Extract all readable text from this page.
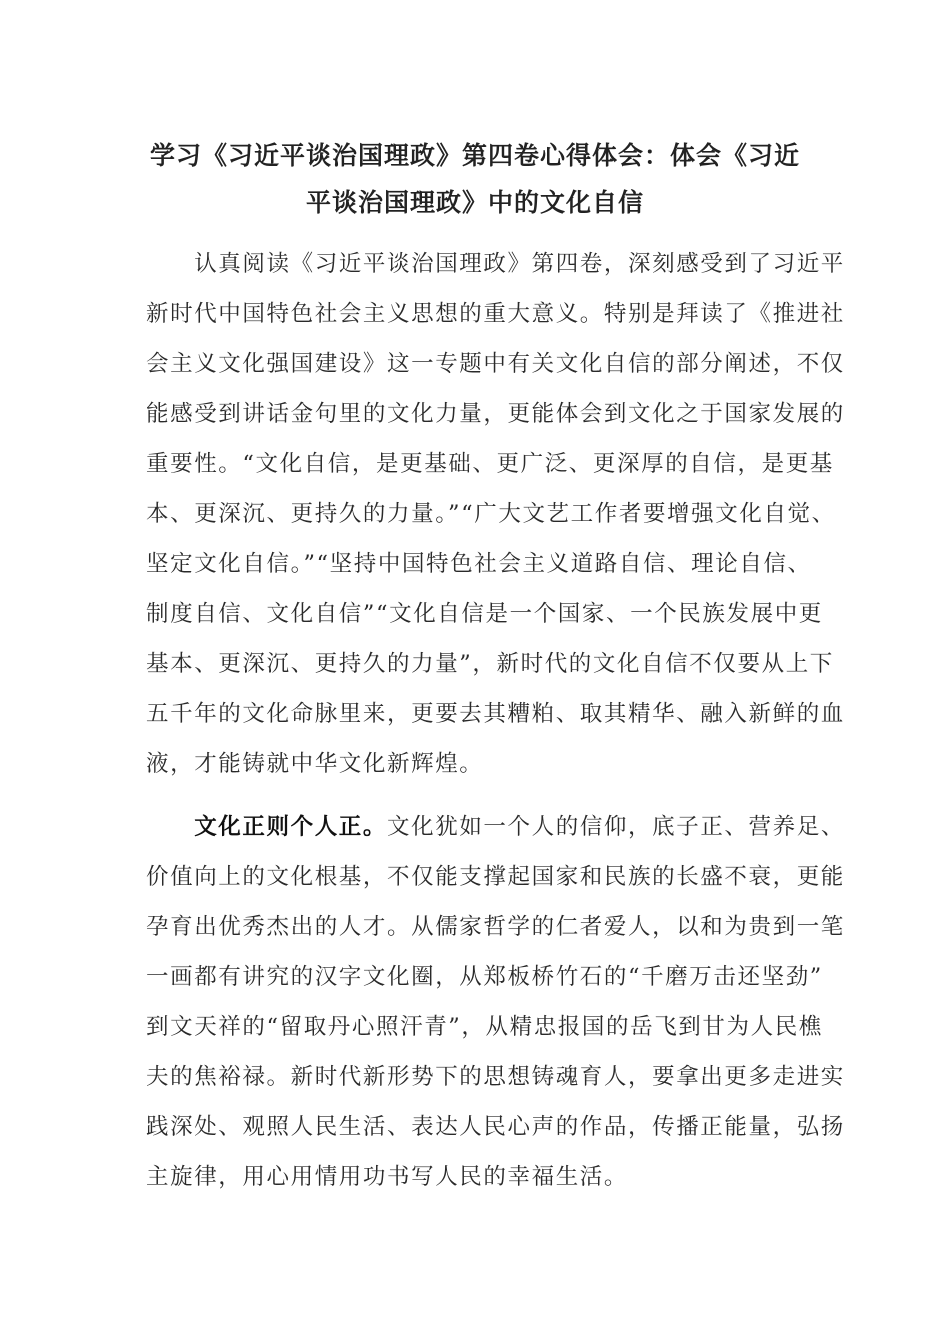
学习《习近平谈治国理政》第四卷心得体会：体会《习近
平谈治国理政》中的文化自信
　　认真阅读《习近平谈治国理政》第四卷，深刻感受到了习近平
新时代中国特色社会主义思想的重大意义。特别是拜读了《推进社
会主义文化强国建设》这一专题中有关文化自信的部分阐述，不仅
能感受到讲话金句里的文化力量，更能体会到文化之于国家发展的
重要性。“文化自信，是更基础、更广泛、更深厚的自信，是更基
本、更深沉、更持久的力量。”“广大文艺工作者要增强文化自觉、
坚定文化自信。”“坚持中国特色社会主义道路自信、理论自信、
制度自信、文化自信”“文化自信是一个国家、一个民族发展中更
基本、更深沉、更持久的力量”，新时代的文化自信不仅要从上下
五千年的文化命脉里来，更要去其糟粕、取其精华、融入新鲜的血
液，才能铸就中华文化新辉煌。
　　文化正则个人正。文化犹如一个人的信仰，底子正、营养足、
价值向上的文化根基，不仅能支撑起国家和民族的长盛不衰，更能
孕育出优秀杰出的人才。从儒家哲学的仁者爱人，以和为贵到一笔
一画都有讲究的汉字文化圈，从郑板桥竹石的“千磨万击还坚劲”
到文天祥的“留取丹心照汗青”，从精忠报国的岳飞到甘为人民樵
夫的焦裕禄。新时代新形势下的思想铸魂育人，要拿出更多走进实
践深处、观照人民生活、表达人民心声的作品，传播正能量，弘扬
主旋律，用心用情用功书写人民的幸福生活。
